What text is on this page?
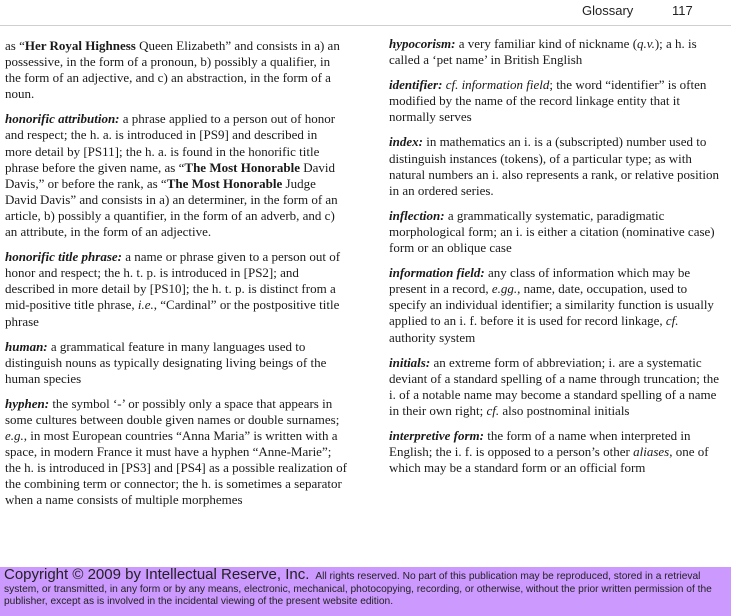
Glossary	117

as “Her Royal Highness Queen Elizabeth” and consists in a) an possessive, in the form of a pronoun, b) possibly a qualifier, in the form of an adjective, and c) an abstraction, in the form of a noun.

honorific attribution: a phrase applied to a person out of honor and respect; the h. a. is introduced in [PS9] and described in more detail by [PS11]; the h. a. is found in the honorific title phrase before the given name, as “The Most Honorable David Davis,” or before the rank, as “The Most Honorable Judge David Davis” and consists in a) an determiner, in the form of an article, b) possibly a quantifier, in the form of an adverb, and c) an attribute, in the form of an adjective.

honorific title phrase: a name or phrase given to a person out of honor and respect; the h. t. p. is introduced in [PS2]; and described in more detail by [PS10]; the h. t. p. is distinct from a mid-positive title phrase, i.e., “Cardinal” or the postpositive title phrase

human: a grammatical feature in many languages used to distinguish nouns as typically designating living beings of the human species

hyphen: the symbol ‘-’ or possibly only a space that appears in some cultures between double given names or double surnames; e.g., in most European countries “Anna Maria” is written with a space, in modern France it must have a hyphen “Anne-Marie”; the h. is introduced in [PS3] and [PS4] as a possible realization of the combining term or connector; the h. is sometimes a separator when a name consists of multiple morphemes

hypocorism: a very familiar kind of nickname (q.v.); a h. is called a ‘pet name’ in British English

identifier: cf. information field; the word “identifier” is often modified by the name of the record linkage entity that it normally serves

index: in mathematics an i. is a (subscripted) number used to distinguish instances (tokens), of a particular type; as with natural numbers an i. also represents a rank, or relative position in an ordered series.

inflection: a grammatically systematic, paradigmatic morphological form; an i. is either a citation (nominative case) form or an oblique case

information field: any class of information which may be present in a record, e.gg., name, date, occupation, used to specify an individual identifier; a similarity function is usually applied to an i. f. before it is used for record linkage, cf. authority system

initials: an extreme form of abbreviation; i. are a systematic deviant of a standard spelling of a name through truncation; the i. of a notable name may become a standard spelling of a name in their own right; cf. also postnominal initials

interpretive form: the form of a name when interpreted in English; the i. f. is opposed to a person’s other aliases, one of which may be a standard form or an official form

Copyright © 2009 by Intellectual Reserve, Inc. All rights reserved. No part of this publication may be reproduced, stored in a retrieval system, or transmitted, in any form or by any means, electronic, mechanical, photocopying, recording, or otherwise, without the prior written permission of the publisher, except as is involved in the incidental viewing of the present website edition.
